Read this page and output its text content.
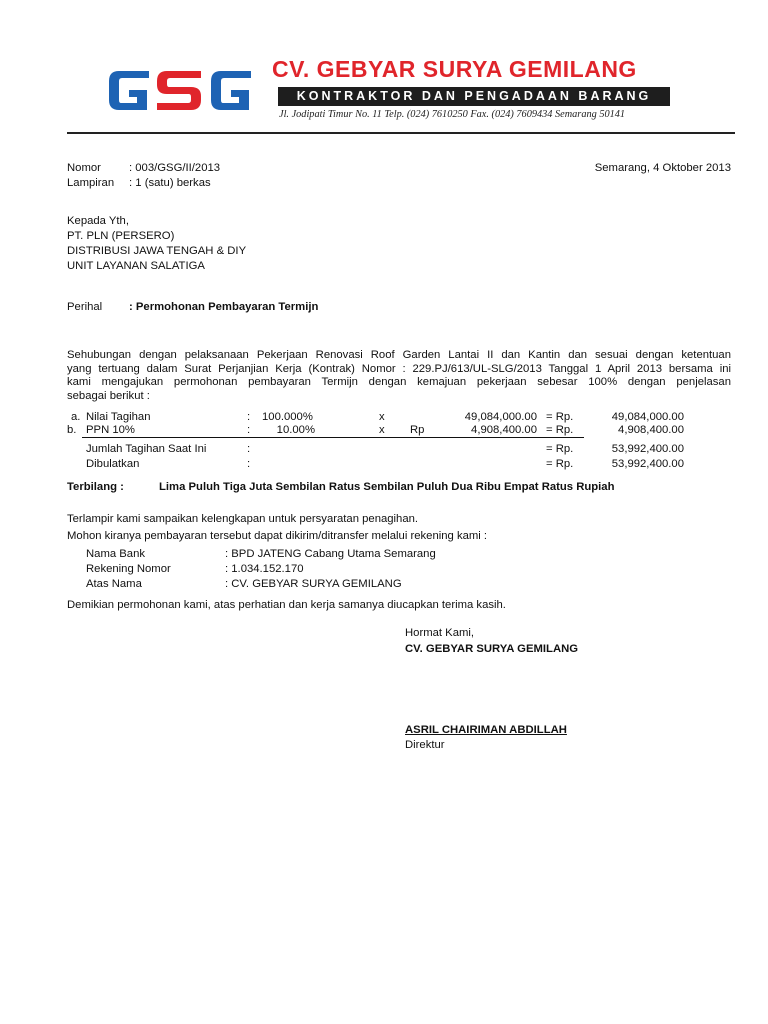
CV. GEBYAR SURYA GEMILANG
KONTRAKTOR DAN PENGADAAN BARANG
Jl. Jodipati Timur No. 11 Telp. (024) 7610250 Fax. (024) 7609434 Semarang 50141
Nomor : 003/GSG/II/2013
Lampiran : 1 (satu) berkas
Semarang, 4 Oktober 2013
Kepada Yth,
PT. PLN (PERSERO)
DISTRIBUSI JAWA TENGAH & DIY
UNIT LAYANAN SALATIGA
Perihal : Permohonan Pembayaran Termijn
Sehubungan dengan pelaksanaan Pekerjaan Renovasi Roof Garden Lantai II dan Kantin dan sesuai dengan ketentuan
yang tertuang dalam Surat Perjanjian Kerja (Kontrak) Nomor : 229.PJ/613/UL-SLG/2013 Tanggal 1 April 2013 bersama ini
kami mengajukan permohonan pembayaran Termijn dengan kemajuan pekerjaan sebesar 100% dengan penjelasan
sebagai berikut :
a. Nilai Tagihan	: 100.000%	x	49,084,000.00 = Rp.	49,084,000.00
b. PPN 10%	: 10.00%	x Rp	4,908,400.00 = Rp.	4,908,400.00
Jumlah Tagihan Saat Ini	:	= Rp.	53,992,400.00
Dibulatkan	:	= Rp.	53,992,400.00
Terbilang :	Lima Puluh Tiga Juta Sembilan Ratus Sembilan Puluh Dua Ribu Empat Ratus Rupiah
Terlampir kami sampaikan kelengkapan untuk persyaratan penagihan.
Mohon kiranya pembayaran tersebut dapat dikirim/ditransfer melalui rekening kami :
Nama Bank	: BPD JATENG Cabang Utama Semarang
Rekening Nomor	: 1.034.152.170
Atas Nama	: CV. GEBYAR SURYA GEMILANG
Demikian permohonan kami, atas perhatian dan kerja samanya diucapkan terima kasih.
Hormat Kami,
CV. GEBYAR SURYA GEMILANG
ASRIL CHAIRIMAN ABDILLAH
Direktur
